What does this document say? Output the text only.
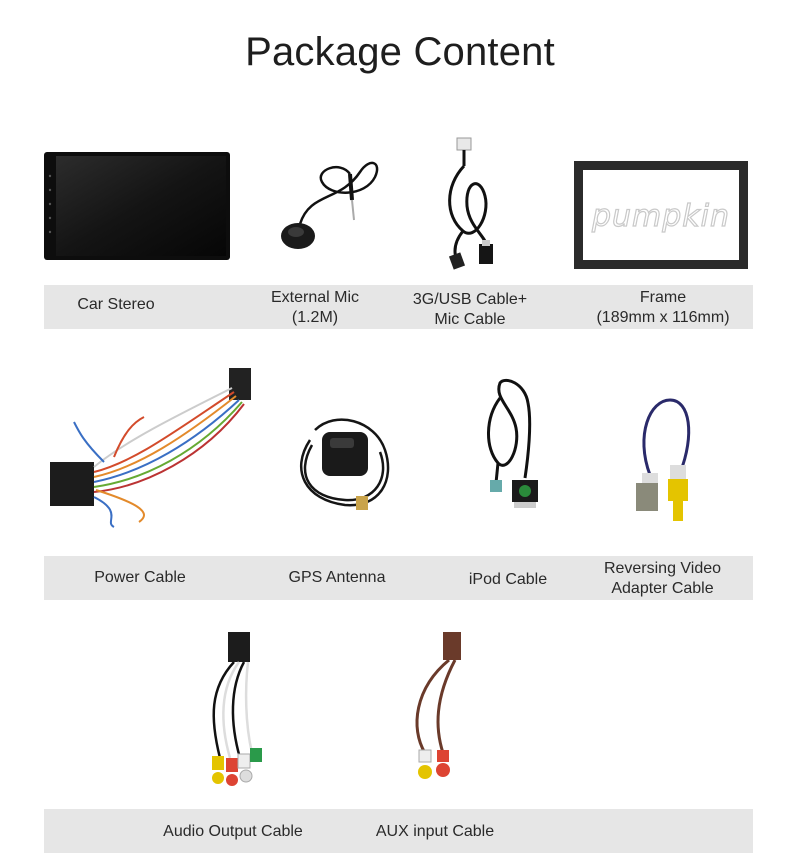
Package Content
pumpkin
Car Stereo	External Mic
(1.2M)
3G/USB Cable+
Mic Cable
Frame
(189mm x 116mm)
Power Cable	GPS Antenna	iPod Cable
Reversing Video
Adapter Cable
Audio Output Cable	AUX input Cable
